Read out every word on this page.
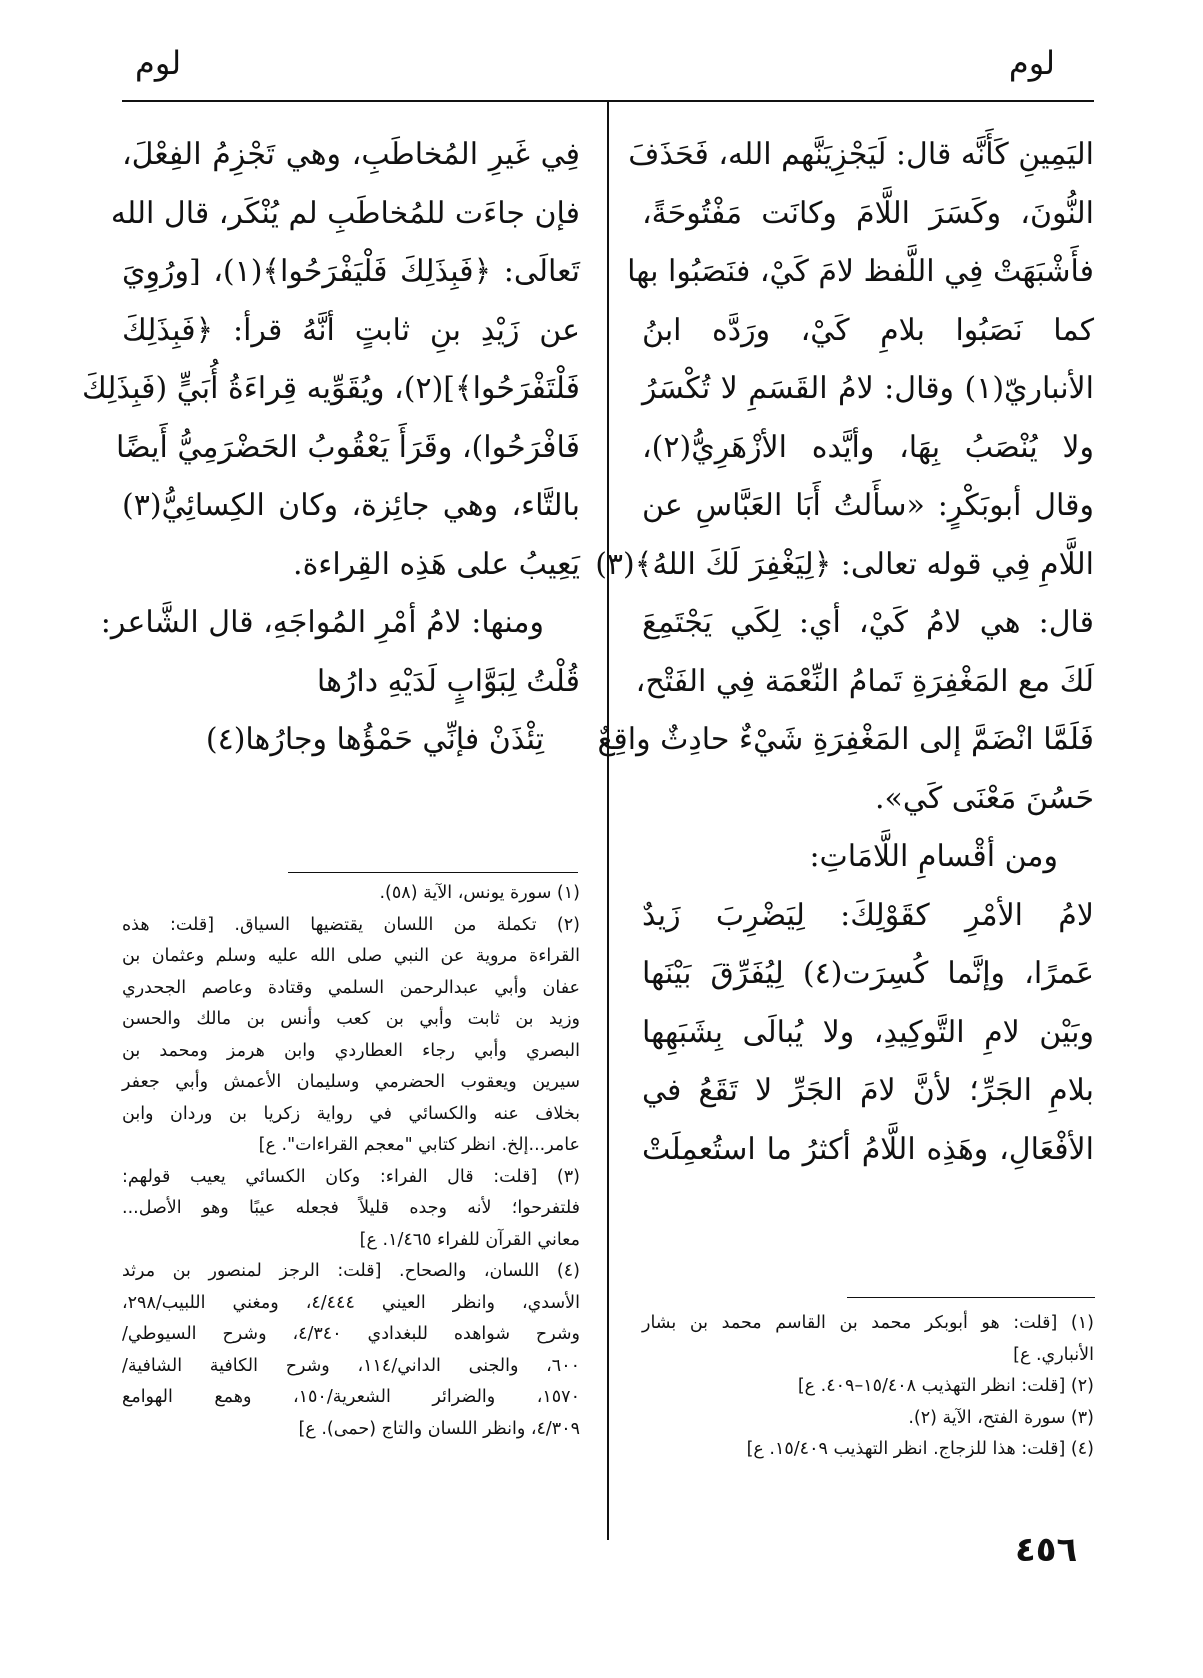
لوم	لوم
اليَمِينِ كَأَنَّه قال: لَيَجْزِيَنَّهم الله، فَحَذَفَ
النُّونَ، وكَسَرَ اللَّامَ وكانَت مَفْتُوحَةً،
فأَشْبَهَتْ فِي اللَّفظ لامَ كَيْ، فنَصَبُوا بها
كما نَصَبُوا بلامِ كَيْ، ورَدَّه ابنُ
الأنباريّ(١) وقال: لامُ القَسَمِ لا تُكْسَرُ
ولا يُنْصَبُ بِهَا، وأيَّده الأزْهَرِيُّ(٢)،
وقال أبوبَكْرٍ: «سأَلتُ أَبَا العَبَّاسِ عن
اللَّامِ فِي قوله تعالى: ﴿لِيَغْفِرَ لَكَ اللهُ﴾(٣)
قال: هي لامُ كَيْ، أي: لِكَي يَجْتَمِعَ
لَكَ مع المَغْفِرَةِ تَمامُ النِّعْمَة فِي الفَتْح،
فَلَمَّا انْضَمَّ إلى المَغْفِرَةِ شَيْءٌ حادِثٌ واقِعٌ
حَسُنَ مَعْنَى كَي».
ومن أقْسامِ اللَّامَاتِ:
لامُ الأمْرِ كقَوْلِكَ: لِيَضْرِبَ زَيدٌ
عَمرًا، وإنَّما كُسِرَت(٤) لِيُفَرِّقَ بَيْنَها
وبَيْن لامِ التَّوكِيدِ، ولا يُبالَى بِشَبَهِها
بلامِ الجَرِّ؛ لأنَّ لامَ الجَرِّ لا تَقَعُ في
الأفْعَالِ، وهَذِه اللَّامُ أكثرُ ما استُعمِلَتْ
(١) [قلت: هو أبوبكر محمد بن القاسم محمد بن بشار
الأنباري. ع]
(٢) [قلت: انظر التهذيب ١٥/٤٠٨–٤٠٩. ع]
(٣) سورة الفتح، الآية (٢).
(٤) [قلت: هذا للزجاج. انظر التهذيب ١٥/٤٠٩. ع]
فِي غَيرِ المُخاطَبِ، وهي تَجْزِمُ الفِعْلَ،
فإن جاءَت للمُخاطَبِ لم يُنْكَر، قال الله
تَعالَى: ﴿فَبِذَلِكَ فَلْيَفْرَحُوا﴾(١)، [ورُوِيَ
عن زَيْدِ بنِ ثابتٍ أنَّهُ قرأ: ﴿فَبِذَلِكَ
فَلْتَفْرَحُوا﴾](٢)، ويُقَوِّيه قِراءَةُ أُبَيٍّ (فَبِذَلِكَ
فَافْرَحُوا)، وقَرَأَ يَعْقُوبُ الحَضْرَمِيُّ أَيضًا
بالتَّاء، وهي جائِزة، وكان الكِسائِيُّ(٣)
يَعِيبُ على هَذِه القِراءة.
ومنها: لامُ أمْرِ المُواجَهِ، قال الشَّاعر:
قُلْتُ لِبَوَّابٍ لَدَيْهِ دارُها
تِئْذَنْ فإنِّي حَمْؤُها وجارُها(٤)
(١) سورة يونس، الآية (٥٨).
(٢) تكملة من اللسان يقتضيها السياق. [قلت: هذه
القراءة مروية عن النبي صلى الله عليه وسلم وعثمان بن
عفان وأبي عبدالرحمن السلمي وقتادة وعاصم الجحدري
وزيد بن ثابت وأبي بن كعب وأنس بن مالك والحسن
البصري وأبي رجاء العطاردي وابن هرمز ومحمد بن
سيرين ويعقوب الحضرمي وسليمان الأعمش وأبي جعفر
بخلاف عنه والكسائي في رواية زكريا بن وردان وابن
عامر...إلخ. انظر كتابي "معجم القراءات". ع]
(٣) [قلت: قال الفراء: وكان الكسائي يعيب قولهم:
فلتفرحوا؛ لأنه وجده قليلاً فجعله عيبًا وهو الأصل...
معاني القرآن للفراء ١/٤٦٥. ع]
(٤) اللسان، والصحاح. [قلت: الرجز لمنصور بن مرثد
الأسدي، وانظر العيني ٤/٤٤٤، ومغني اللبيب/٢٩٨،
وشرح شواهده للبغدادي ٤/٣٤٠، وشرح السيوطي/
٦٠٠، والجنى الداني/١١٤، وشرح الكافية الشافية/
١٥٧٠، والضرائر الشعرية/١٥٠، وهمع الهوامع
٤/٣٠٩، وانظر اللسان والتاج (حمى). ع]
٤٥٦
